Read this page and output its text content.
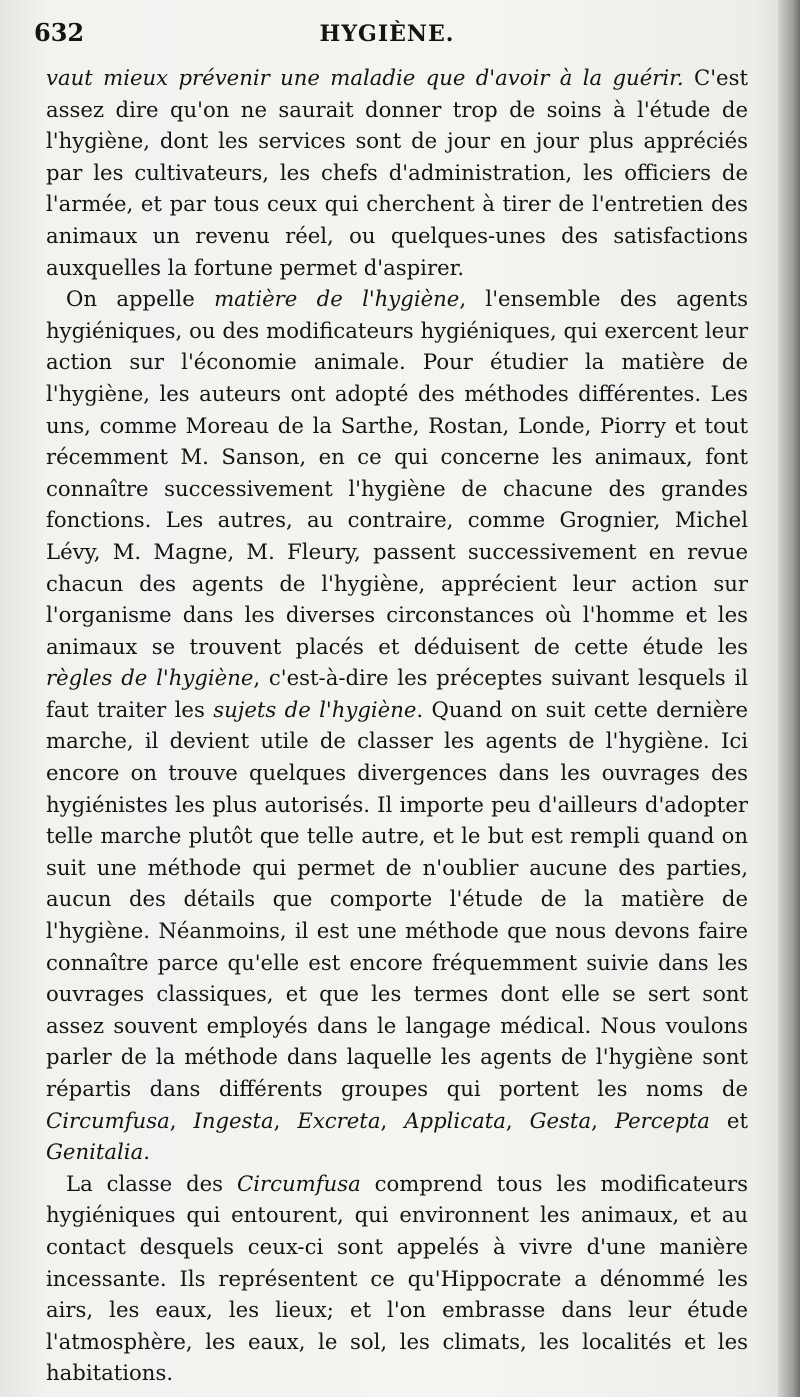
632	HYGIÈNE.

vaut mieux prévenir une maladie que d'avoir à la guérir. C'est assez dire qu'on ne saurait donner trop de soins à l'étude de l'hygiène, dont les services sont de jour en jour plus appréciés par les cultivateurs, les chefs d'administration, les officiers de l'armée, et par tous ceux qui cherchent à tirer de l'entretien des animaux un revenu réel, ou quelques-unes des satisfactions auxquelles la fortune permet d'aspirer.

On appelle matière de l'hygiène, l'ensemble des agents hygiéniques, ou des modificateurs hygiéniques, qui exercent leur action sur l'économie animale. Pour étudier la matière de l'hygiène, les auteurs ont adopté des méthodes différentes. Les uns, comme Moreau de la Sarthe, Rostan, Londe, Piorry et tout récemment M. Sanson, en ce qui concerne les animaux, font connaître successivement l'hygiène de chacune des grandes fonctions. Les autres, au contraire, comme Grognier, Michel Lévy, M. Magne, M. Fleury, passent successivement en revue chacun des agents de l'hygiène, apprécient leur action sur l'organisme dans les diverses circonstances où l'homme et les animaux se trouvent placés et déduisent de cette étude les règles de l'hygiène, c'est-à-dire les préceptes suivant lesquels il faut traiter les sujets de l'hygiène. Quand on suit cette dernière marche, il devient utile de classer les agents de l'hygiène. Ici encore on trouve quelques divergences dans les ouvrages des hygiénistes les plus autorisés. Il importe peu d'ailleurs d'adopter telle marche plutôt que telle autre, et le but est rempli quand on suit une méthode qui permet de n'oublier aucune des parties, aucun des détails que comporte l'étude de la matière de l'hygiène. Néanmoins, il est une méthode que nous devons faire connaître parce qu'elle est encore fréquemment suivie dans les ouvrages classiques, et que les termes dont elle se sert sont assez souvent employés dans le langage médical. Nous voulons parler de la méthode dans laquelle les agents de l'hygiène sont répartis dans différents groupes qui portent les noms de Circumfusa, Ingesta, Excreta, Applicata, Gesta, Percepta et Genitalia.

La classe des Circumfusa comprend tous les modificateurs hygiéniques qui entourent, qui environnent les animaux, et au contact desquels ceux-ci sont appelés à vivre d'une manière incessante. Ils représentent ce qu'Hippocrate a dénommé les airs, les eaux, les lieux; et l'on embrasse dans leur étude l'atmosphère, les eaux, le sol, les climats, les localités et les habitations.
